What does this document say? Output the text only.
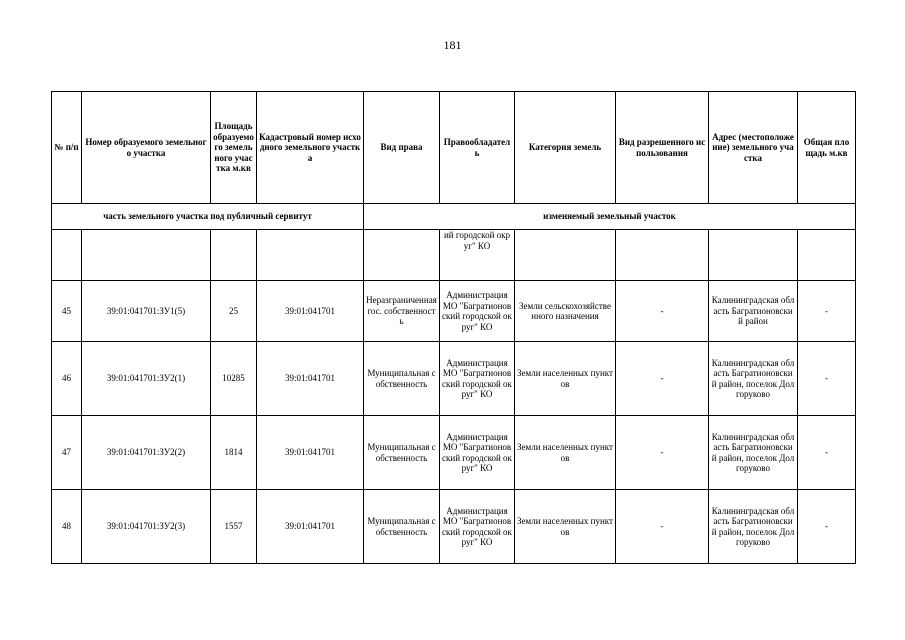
181
№ п/п	Номер образуемого земельного участка	Площадь образуемого земельного участка м.кв	Кадастровый номер исходного земельного участка	Вид права	Правообладатель	Категория земель	Вид разрешенного использования	Адрес (местоположение) земельного участка	Общая площадь м.кв
часть земельного участка под публичный сервитут				изменяемый земельный участок					
					ий городской округ" КО				
45	39:01:041701:ЗУ1(5)	25	39:01:041701	Неразграниченная гос. собственность	Администрация МО "Багратионовский городской округ" КО	Земли сельскохозяйственного назначения	-	Калининградская область Багратионовский район	-
46	39:01:041701:ЗУ2(1)	10285	39:01:041701	Муниципальная собственность	Администрация МО "Багратионовский городской округ" КО	Земли населенных пунктов	-	Калининградская область Багратионовский район, поселок Долгоруково	-
47	39:01:041701:ЗУ2(2)	1814	39:01:041701	Муниципальная собственность	Администрация МО "Багратионовский городской округ" КО	Земли населенных пунктов	-	Калининградская область Багратионовский район, поселок Долгоруково	-
48	39:01:041701:ЗУ2(3)	1557	39:01:041701	Муниципальная собственность	Администрация МО "Багратионовский городской округ" КО	Земли населенных пунктов	-	Калининградская область Багратионовский район, поселок Долгоруково	-
